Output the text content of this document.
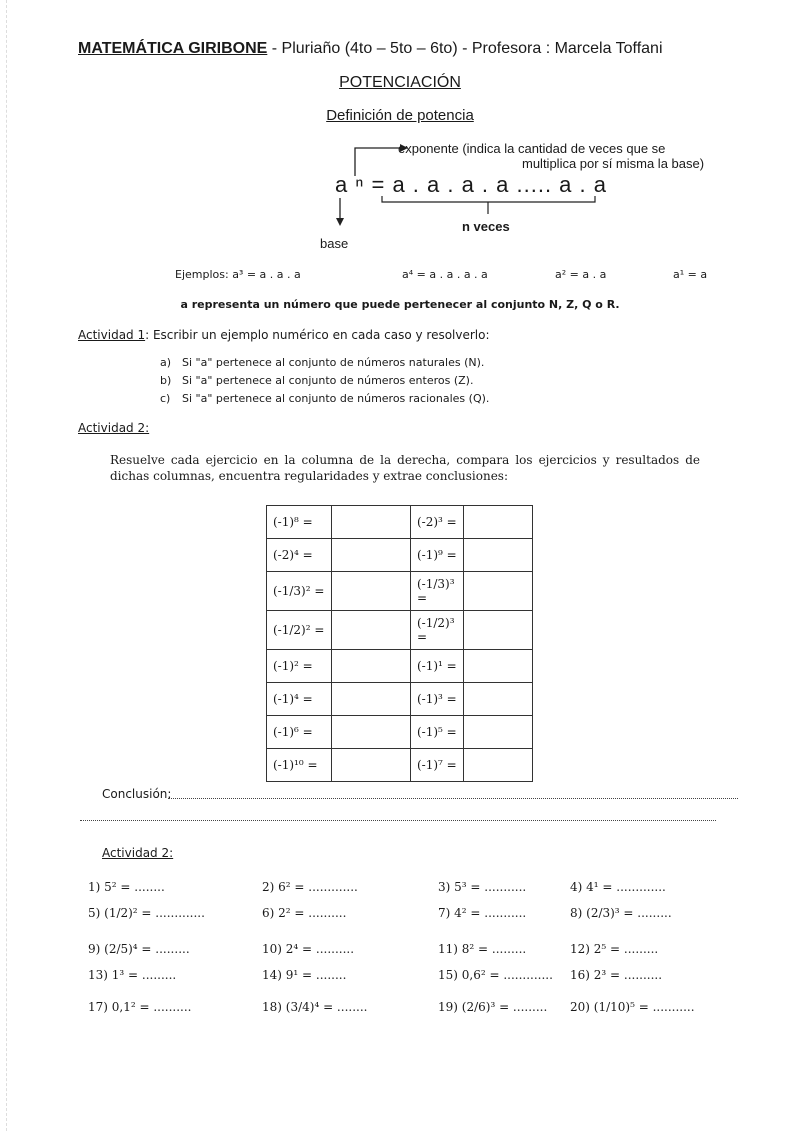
MATEMÁTICA GIRIBONE - Pluriaño (4to – 5to – 6to) - Profesora : Marcela Toffani
POTENCIACIÓN
Definición de potencia
exponente (indica la cantidad de veces que se
multiplica por sí misma la base)
a ⁿ = a . a . a . a ..... a . a
n veces
base
Ejemplos: a³ = a . a . a	a⁴ = a . a . a . a	a² = a . a	a¹ = a
a representa un número que puede pertenecer al conjunto N, Z, Q o R.
Actividad 1: Escribir un ejemplo numérico en cada caso y resolverlo:
a) Si "a" pertenece al conjunto de números naturales (N).
b) Si "a" pertenece al conjunto de números enteros (Z).
c) Si "a" pertenece al conjunto de números racionales (Q).
Actividad 2:
Resuelve cada ejercicio en la columna de la derecha, compara los ejercicios y resultados de dichas columnas, encuentra regularidades y extrae conclusiones:
(-1)⁸ =		(-2)³ =	
(-2)⁴ =		(-1)⁹ =	
(-1/3)² =		(-1/3)³ =	
(-1/2)² =		(-1/2)³ =	
(-1)² =		(-1)¹ =	
(-1)⁴ =		(-1)³ =	
(-1)⁶ =		(-1)⁵ =	
(-1)¹⁰ =		(-1)⁷ =	
Conclusión:
Actividad 2:
1) 5² = ........	2) 6² = .............	3) 5³ = ...........	4) 4¹ = .............
5) (1/2)² = .............	6) 2² = ..........	7) 4² = ...........	8) (2/3)³ = .........
9) (2/5)⁴ = .........	10) 2⁴ = ..........	11) 8² = .........	12) 2⁵ = .........
13) 1³ = .........	14) 9¹ = ........	15) 0,6² = ............. 16) 2³ = ..........
17) 0,1² = ..........	18) (3/4)⁴ = ........	19) (2/6)³ = ......... 20) (1/10)⁵ = ...........
